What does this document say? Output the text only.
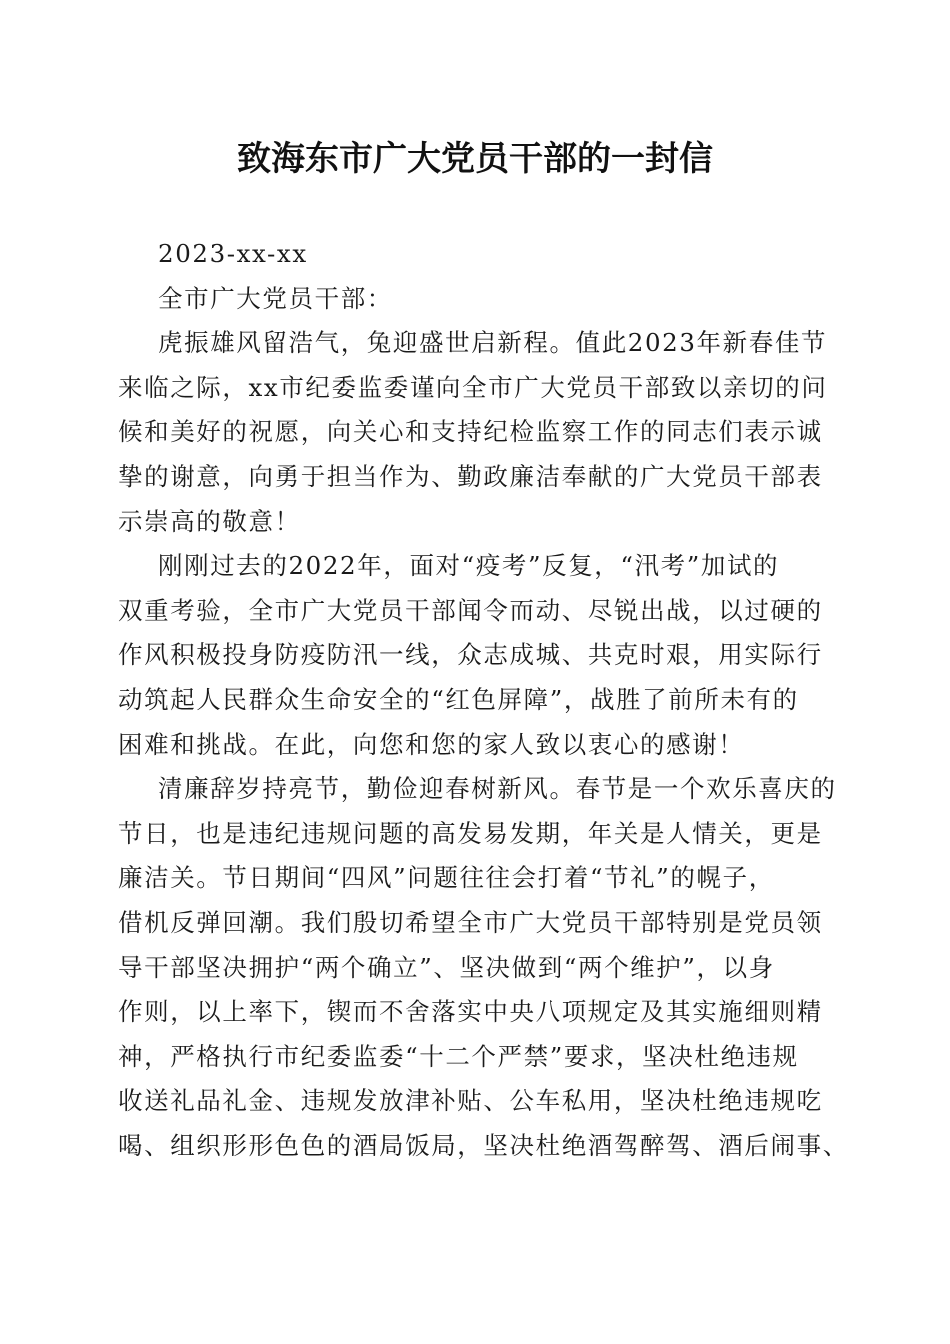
致海东市广大党员干部的一封信
2023-xx-xx
全市广大党员干部：
虎振雄风留浩气，兔迎盛世启新程。值此2023年新春佳节
来临之际，xx市纪委监委谨向全市广大党员干部致以亲切的问
候和美好的祝愿，向关心和支持纪检监察工作的同志们表示诚
挚的谢意，向勇于担当作为、勤政廉洁奉献的广大党员干部表
示崇高的敬意！
刚刚过去的2022年，面对“疫考”反复，“汛考”加试的
双重考验，全市广大党员干部闻令而动、尽锐出战，以过硬的
作风积极投身防疫防汛一线，众志成城、共克时艰，用实际行
动筑起人民群众生命安全的“红色屏障”，战胜了前所未有的
困难和挑战。在此，向您和您的家人致以衷心的感谢！
清廉辞岁持亮节，勤俭迎春树新风。春节是一个欢乐喜庆的
节日，也是违纪违规问题的高发易发期，年关是人情关，更是
廉洁关。节日期间“四风”问题往往会打着“节礼”的幌子，
借机反弹回潮。我们殷切希望全市广大党员干部特别是党员领
导干部坚决拥护“两个确立”、坚决做到“两个维护”，以身
作则，以上率下，锲而不舍落实中央八项规定及其实施细则精
神，严格执行市纪委监委“十二个严禁”要求，坚决杜绝违规
收送礼品礼金、违规发放津补贴、公车私用，坚决杜绝违规吃
喝、组织形形色色的酒局饭局，坚决杜绝酒驾醉驾、酒后闹事、
